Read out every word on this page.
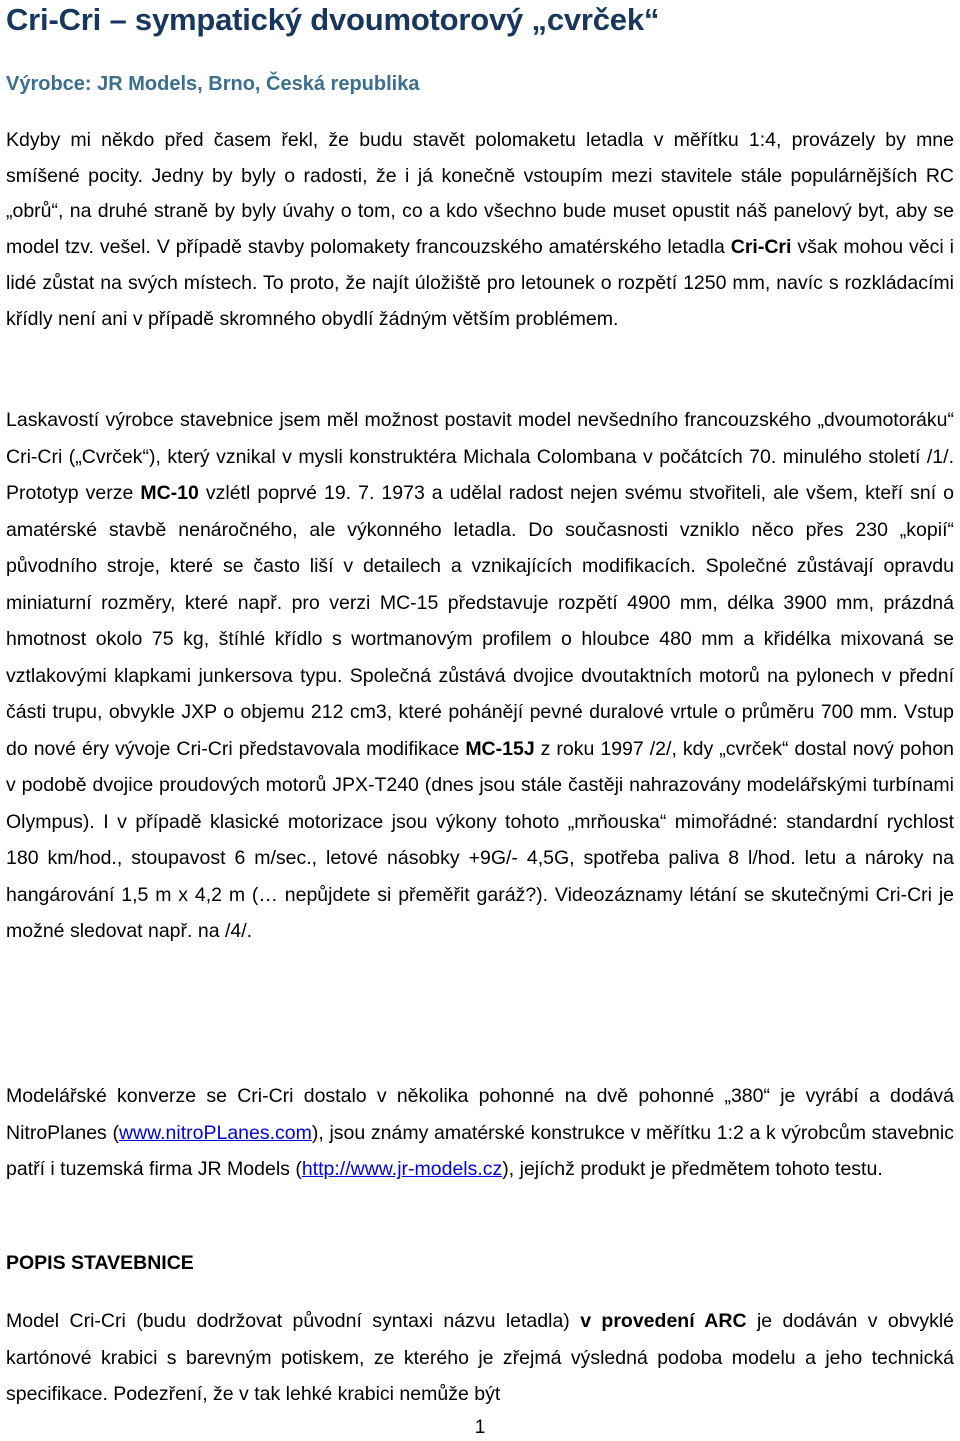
Cri-Cri – sympatický dvoumotorový „cvrček“

Výrobce: JR Models, Brno, Česká republika

Kdyby mi někdo před časem řekl, že budu stavět polomaketu letadla v měřítku 1:4, provázely by mne smíšené pocity. Jedny by byly o radosti, že i já konečně vstoupím mezi stavitele stále populárnějších RC „obrů“, na druhé straně by byly úvahy o tom, co a kdo všechno bude muset opustit náš panelový byt, aby se model tzv. vešel. V případě stavby polomakety francouzského amatérského letadla Cri-Cri však mohou věci i lidé zůstat na svých místech. To proto, že najít úložiště pro letounek o rozpětí 1250 mm, navíc s rozkládacími křídly není ani v případě skromného obydlí žádným větším problémem.

Laskavostí výrobce stavebnice jsem měl možnost postavit model nevšedního francouzského „dvoumotoráku“ Cri-Cri („Cvrček“), který vznikal v mysli konstruktéra Michala Colombana v počátcích 70. minulého století /1/. Prototyp verze MC-10 vzlétl poprvé 19. 7. 1973 a udělal radost nejen svému stvořiteli, ale všem, kteří sní o amatérské stavbě nenáročného, ale výkonného letadla. Do současnosti vzniklo něco přes 230 „kopií“ původního stroje, které se často liší v detailech a vznikajících modifikacích. Společné zůstávají opravdu miniaturní rozměry, které např. pro verzi MC-15 představuje rozpětí 4900 mm, délka 3900 mm, prázdná hmotnost okolo 75 kg, štíhlé křídlo s wortmanovým profilem o hloubce 480 mm a křidélka mixovaná se vztlakovými klapkami junkersova typu. Společná zůstává dvojice dvoutaktních motorů na pylonech v přední části trupu, obvykle JXP o objemu 212 cm3, které pohánějí pevné duralové vrtule o průměru 700 mm. Vstup do nové éry vývoje Cri-Cri představovala modifikace MC-15J z roku 1997 /2/, kdy „cvrček“ dostal nový pohon v podobě dvojice proudových motorů JPX-T240 (dnes jsou stále častěji nahrazovány modelářskými turbínami Olympus). I v případě klasické motorizace jsou výkony tohoto „mrňouska“ mimořádné: standardní rychlost 180 km/hod., stoupavost 6 m/sec., letové násobky +9G/- 4,5G, spotřeba paliva 8 l/hod. letu a nároky na hangárování 1,5 m x 4,2 m (… nepůjdete si přeměřit garáž?). Videozáznamy létání se skutečnými Cri-Cri je možné sledovat např. na /4/.

Modelářské konverze se Cri-Cri dostalo v několika pohonné na dvě pohonné „380“ je vyrábí a dodává NitroPlanes (www.nitroPLanes.com), jsou známy amatérské konstrukce v měřítku 1:2 a k výrobcům stavebnic patří i tuzemská firma JR Models (http://www.jr-models.cz), jejíchž produkt je předmětem tohoto testu.

POPIS STAVEBNICE

Model Cri-Cri (budu dodržovat původní syntaxi názvu letadla) v provedení ARC je dodáván v obvyklé kartónové krabici s barevným potiskem, ze kterého je zřejmá výsledná podoba modelu a jeho technická specifikace. Podezření, že v tak lehké krabici nemůže být

1
